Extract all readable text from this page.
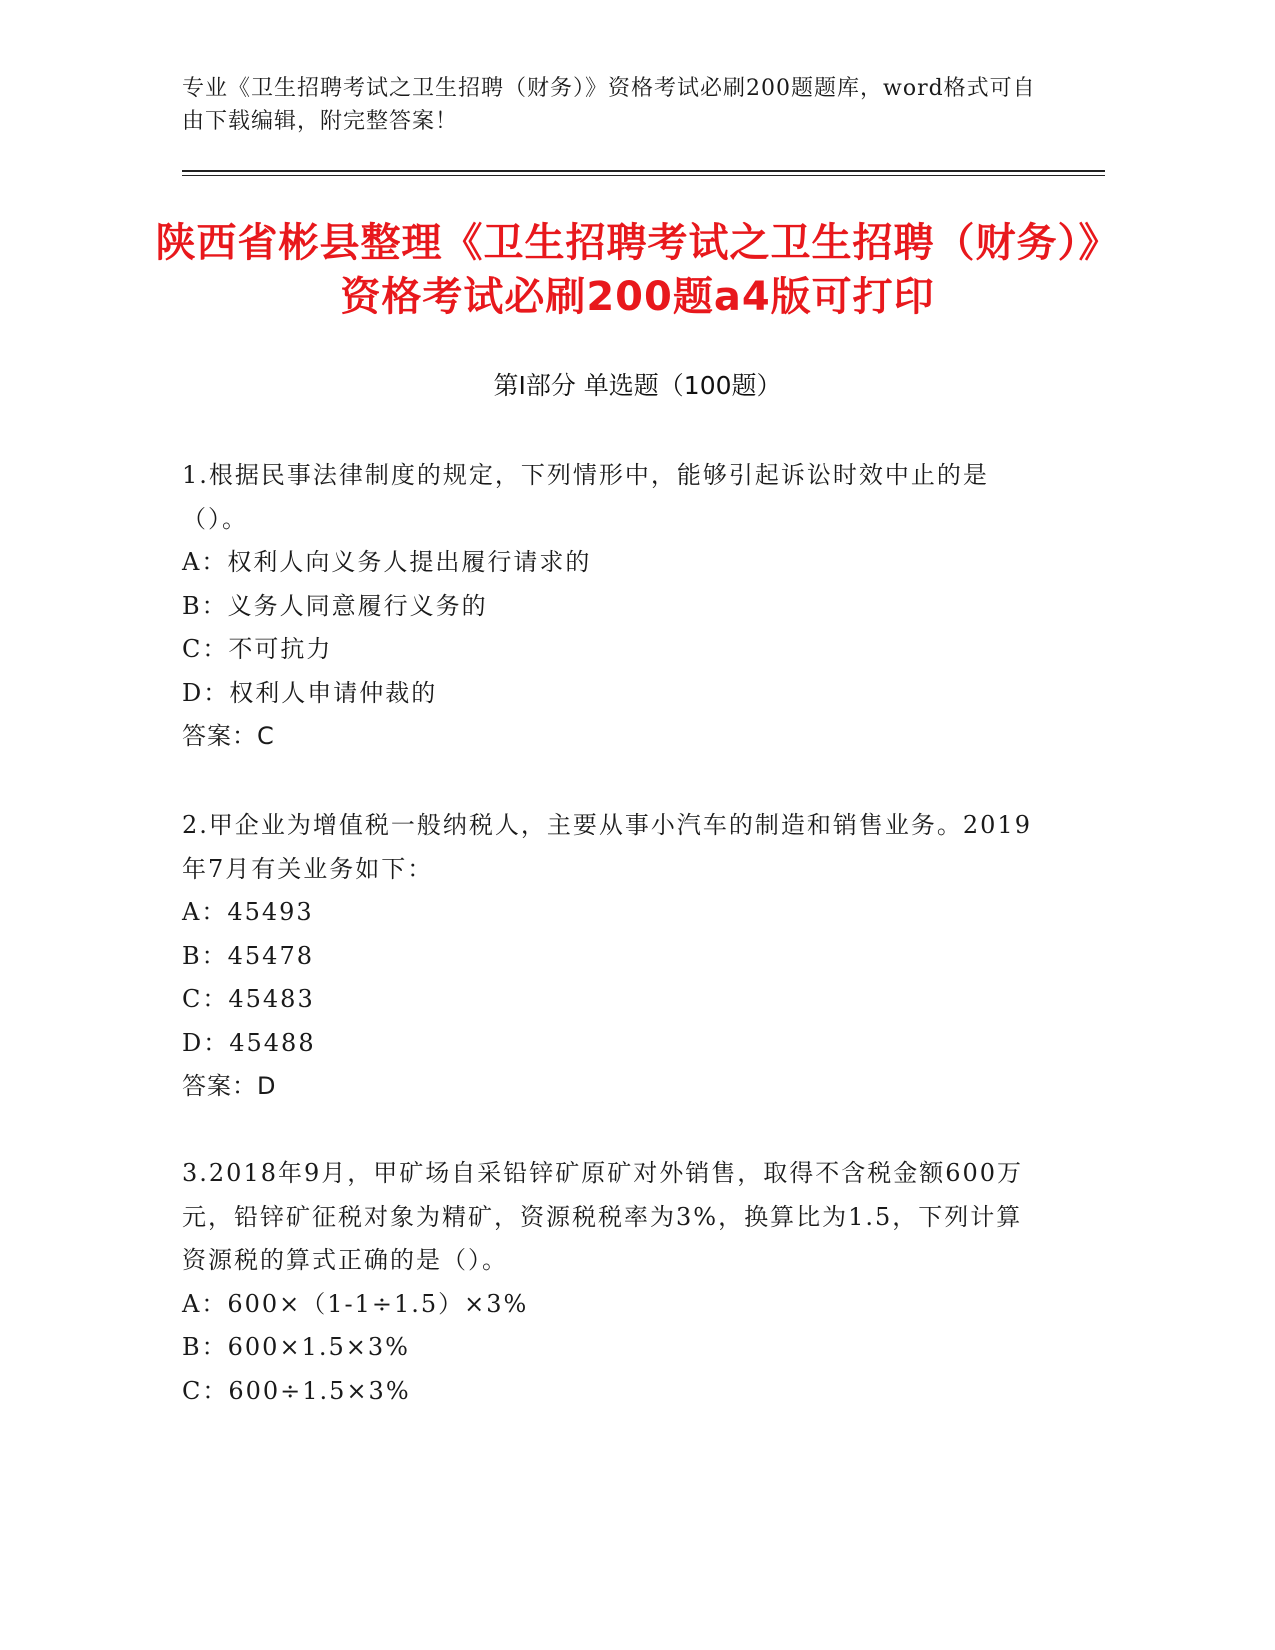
专业《卫生招聘考试之卫生招聘（财务）》资格考试必刷200题题库，word格式可自由下载编辑，附完整答案！
陕西省彬县整理《卫生招聘考试之卫生招聘（财务）》资格考试必刷200题a4版可打印
第Ⅰ部分 单选题（100题）
1.根据民事法律制度的规定，下列情形中，能够引起诉讼时效中止的是（）。
A：权利人向义务人提出履行请求的
B：义务人同意履行义务的
C：不可抗力
D：权利人申请仲裁的
答案：C
2.甲企业为增值税一般纳税人，主要从事小汽车的制造和销售业务。2019年7月有关业务如下：
A：45493
B：45478
C：45483
D：45488
答案：D
3.2018年9月，甲矿场自采铅锌矿原矿对外销售，取得不含税金额600万元，铅锌矿征税对象为精矿，资源税税率为3%，换算比为1.5，下列计算资源税的算式正确的是（）。
A：600×（1-1÷1.5）×3%
B：600×1.5×3%
C：600÷1.5×3%
